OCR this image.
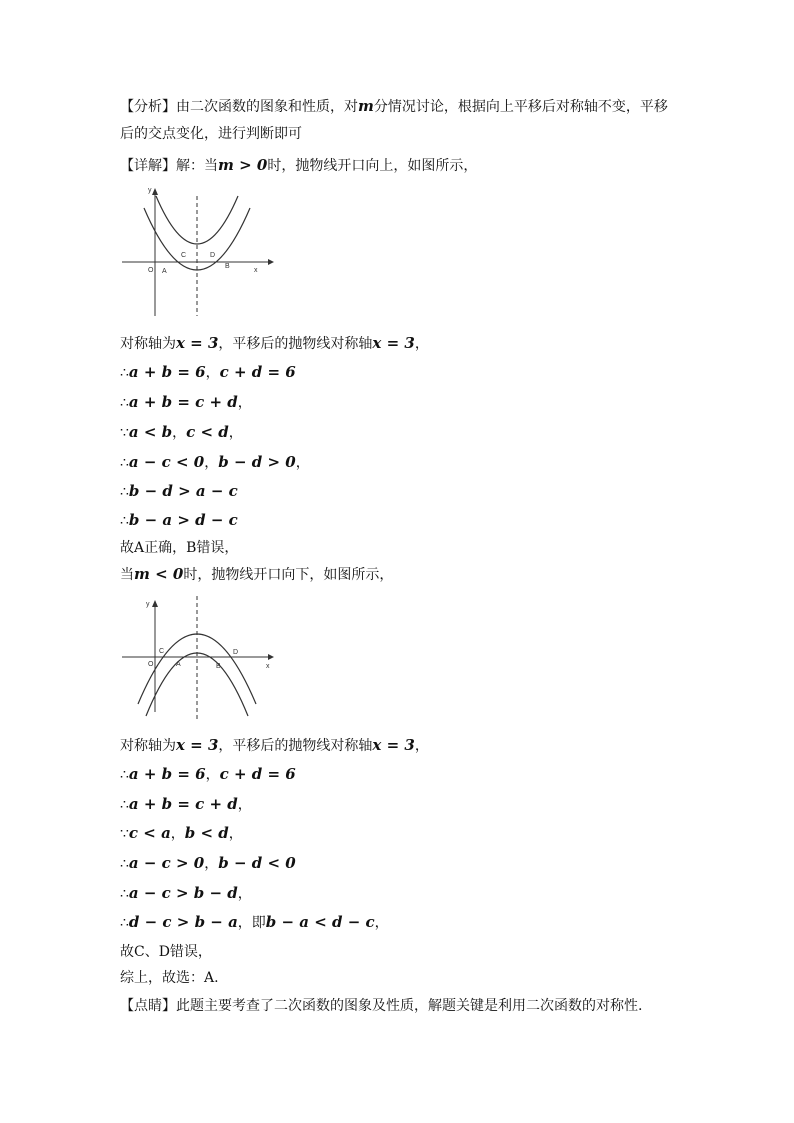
【分析】由二次函数的图象和性质，对m分情况讨论，根据向上平移后对称轴不变，平移
后的交点变化，进行判断即可
【详解】解：当m > 0时，抛物线开口向上，如图所示，
y
x
O A
B
C	D
对称轴为x = 3，平移后的抛物线对称轴x = 3，
∴a + b = 6，c + d = 6
∴a + b = c + d，
∵a < b，c < d，
∴a − c < 0，b − d > 0，
∴b − d > a − c
∴b − a > d − c
故A正确，B错误，
当m < 0时，抛物线开口向下，如图所示，
y
x
O	A	B
C	D
对称轴为x = 3，平移后的抛物线对称轴x = 3，
∴a + b = 6，c + d = 6
∴a + b = c + d，
∵c < a，b < d，
∴a − c > 0，b − d < 0
∴a − c > b − d，
∴d − c > b − a，即b − a < d − c，
故C、D错误，
综上，故选：A.
【点睛】此题主要考查了二次函数的图象及性质，解题关键是利用二次函数的对称性.
